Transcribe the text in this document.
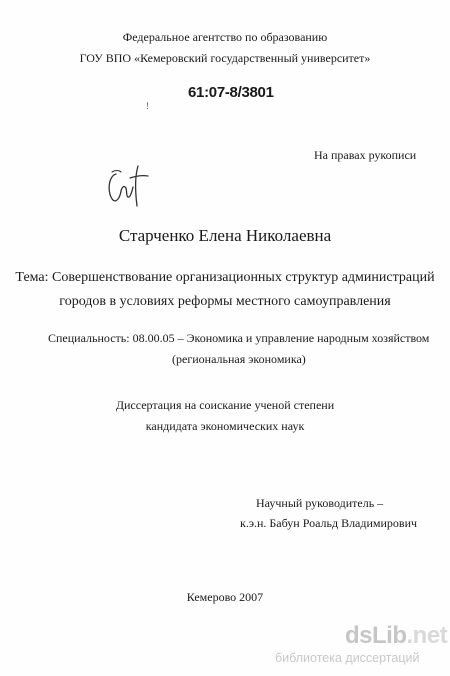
Федеральное агентство по образованию
ГОУ ВПО «Кемеровский государственный университет»
61:07-8/3801
!
На правах рукописи
Старченко Елена Николаевна
Тема: Совершенствование организационных структур администраций
городов в условиях реформы местного самоуправления
Специальность: 08.00.05 – Экономика и управление народным хозяйством
(региональная экономика)
Диссертация на соискание ученой степени
кандидата экономических наук
Научный руководитель –
к.э.н. Бабун Роальд Владимирович
Кемерово 2007
dsLib.net
библиотека диссертаций
